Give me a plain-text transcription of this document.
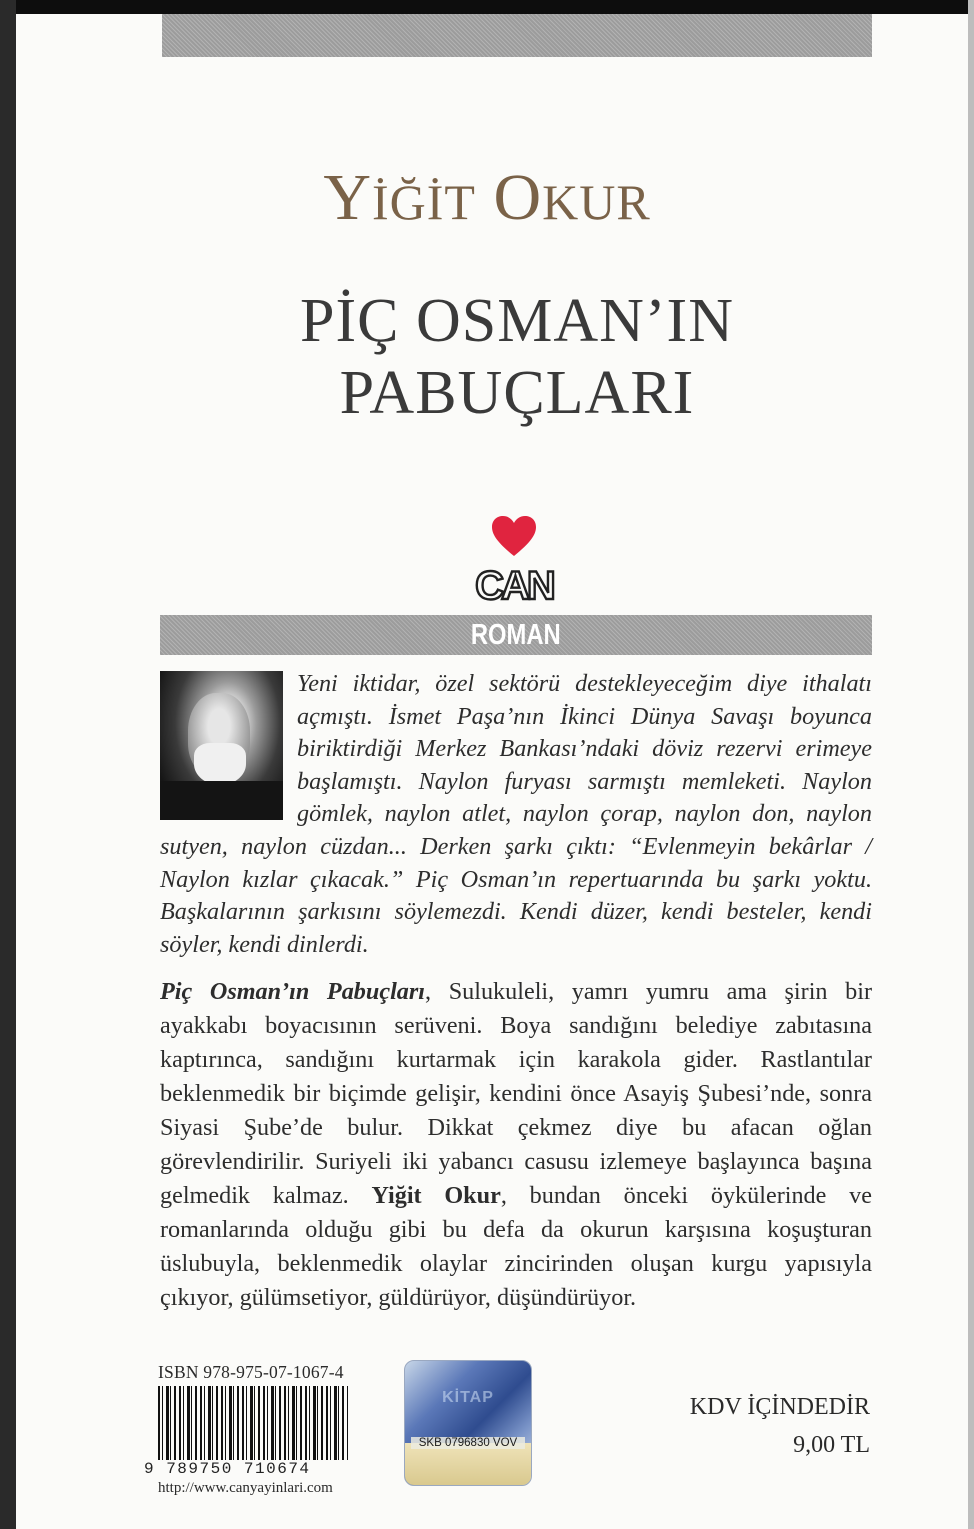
YİĞİT OKUR
PİÇ OSMAN’IN
PABUÇLARI
CAN
ROMAN

Yeni iktidar, özel sektörü destekleyeceğim diye ithalatı açmıştı. İsmet Paşa’nın İkinci Dünya Savaşı boyunca biriktirdiği Merkez Bankası’ndaki döviz rezervi erimeye başlamıştı. Naylon furyası sarmıştı memleketi. Naylon gömlek, naylon atlet, naylon çorap, naylon don, naylon sutyen, naylon cüzdan... Derken şarkı çıktı: “Evlenmeyin bekârlar / Naylon kızlar çıkacak.” Piç Osman’ın repertuarında bu şarkı yoktu. Başkalarının şarkısını söylemezdi. Kendi düzer, kendi besteler, kendi söyler, kendi dinlerdi.

Piç Osman’ın Pabuçları, Sulukuleli, yamrı yumru ama şirin bir ayakkabı boyacısının serüveni. Boya sandığını belediye zabıtasına kaptırınca, sandığını kurtarmak için karakola gider. Rastlantılar beklenmedik bir biçimde gelişir, kendini önce Asayiş Şubesi’nde, sonra Siyasi Şube’de bulur. Dikkat çekmez diye bu afacan oğlan görevlendirilir. Suriyeli iki yabancı casusu izlemeye başlayınca başına gelmedik kalmaz. Yiğit Okur, bundan önceki öykülerinde ve romanlarında olduğu gibi bu defa da okurun karşısına koşuşturan üslubuyla, beklenmedik olaylar zincirinden oluşan kurgu yapısıyla çıkıyor, gülümsetiyor, güldürüyor, düşündürüyor.

ISBN 978-975-07-1067-4
9 789750 710674
http://www.canyayinlari.com
KİTAP
SKB 0796830 VOV
KDV İÇİNDEDİR
9,00 TL
